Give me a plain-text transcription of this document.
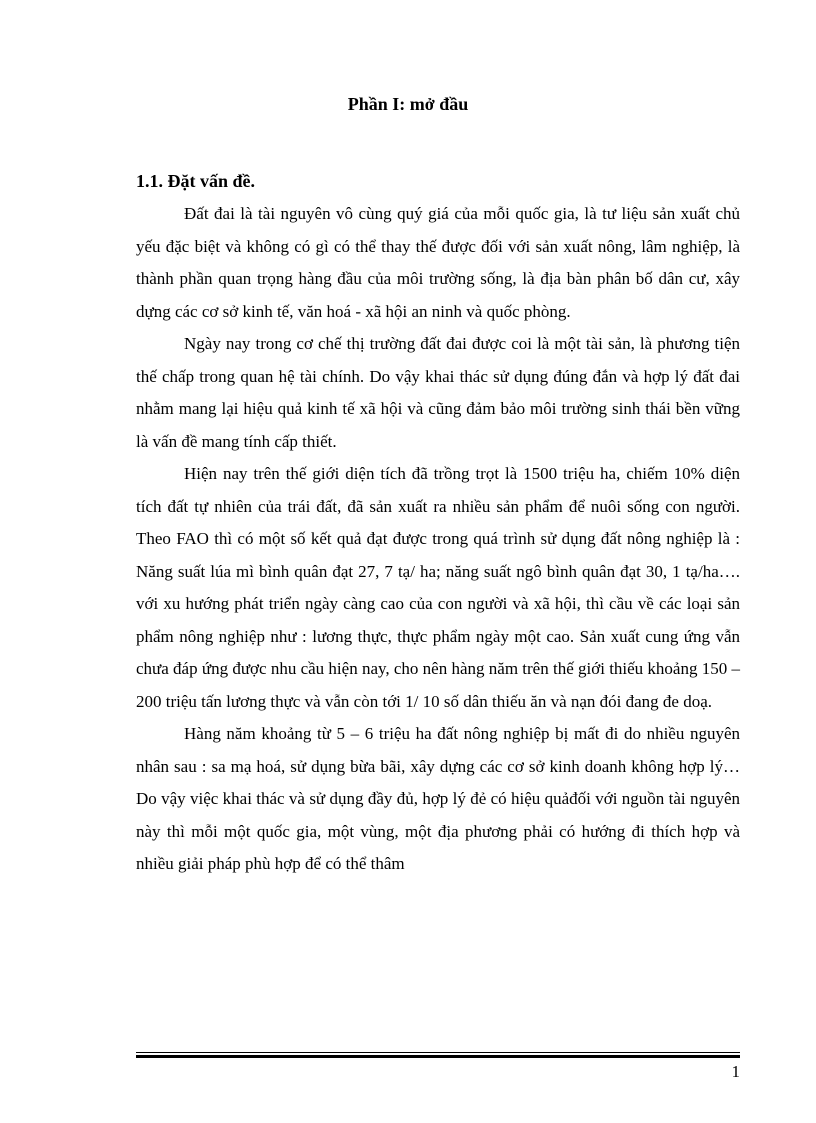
Phần I: mở đầu
1.1. Đặt vấn đề.

Đất đai là tài nguyên vô cùng quý giá của mỗi quốc gia, là tư liệu sản xuất chủ yếu đặc biệt và không có gì có thể thay thế được đối với sản xuất nông, lâm nghiệp, là thành phần quan trọng hàng đầu của môi trường sống, là địa bàn phân bố dân cư, xây dựng các cơ sở kinh tế, văn hoá - xã hội an ninh và quốc phòng.

Ngày nay trong cơ chế thị trường đất đai được coi là một tài sản, là phương tiện thế chấp trong quan hệ tài chính. Do vậy khai thác sử dụng đúng đắn và hợp lý đất đai nhằm mang lại hiệu quả kinh tế xã hội và cũng đảm bảo môi trường sinh thái bền vững là vấn đề mang tính cấp thiết.

Hiện nay trên thế giới diện tích đã trồng trọt là 1500 triệu ha, chiếm 10% diện tích đất tự nhiên của trái đất, đã sản xuất ra nhiều sản phẩm để nuôi sống con người. Theo FAO thì có một số kết quả đạt được trong quá trình sử dụng đất nông nghiệp là : Năng suất lúa mì bình quân đạt 27, 7 tạ/ ha; năng suất ngô bình quân đạt 30, 1 tạ/ha…. với xu hướng phát triển ngày càng cao của con người và xã hội, thì cầu về các loại sản phẩm nông nghiệp như : lương thực, thực phẩm ngày một cao. Sản xuất cung ứng vẫn chưa đáp ứng được nhu cầu hiện nay, cho nên hàng năm trên thế giới thiếu khoảng 150 – 200 triệu tấn lương thực và vẫn còn tới 1/ 10 số dân thiếu ăn và nạn đói đang đe doạ.

Hàng năm khoảng từ 5 – 6 triệu ha đất nông nghiệp bị mất đi do nhiều nguyên nhân sau : sa mạ hoá, sử dụng bừa bãi, xây dựng các cơ sở kinh doanh không hợp lý…Do vậy việc khai thác và sử dụng đầy đủ, hợp lý đẻ có hiệu quảđối với nguồn tài nguyên này thì mỗi một quốc gia, một vùng, một địa phương phải có hướng đi thích hợp và nhiều giải pháp phù hợp để có thể thâm

1
